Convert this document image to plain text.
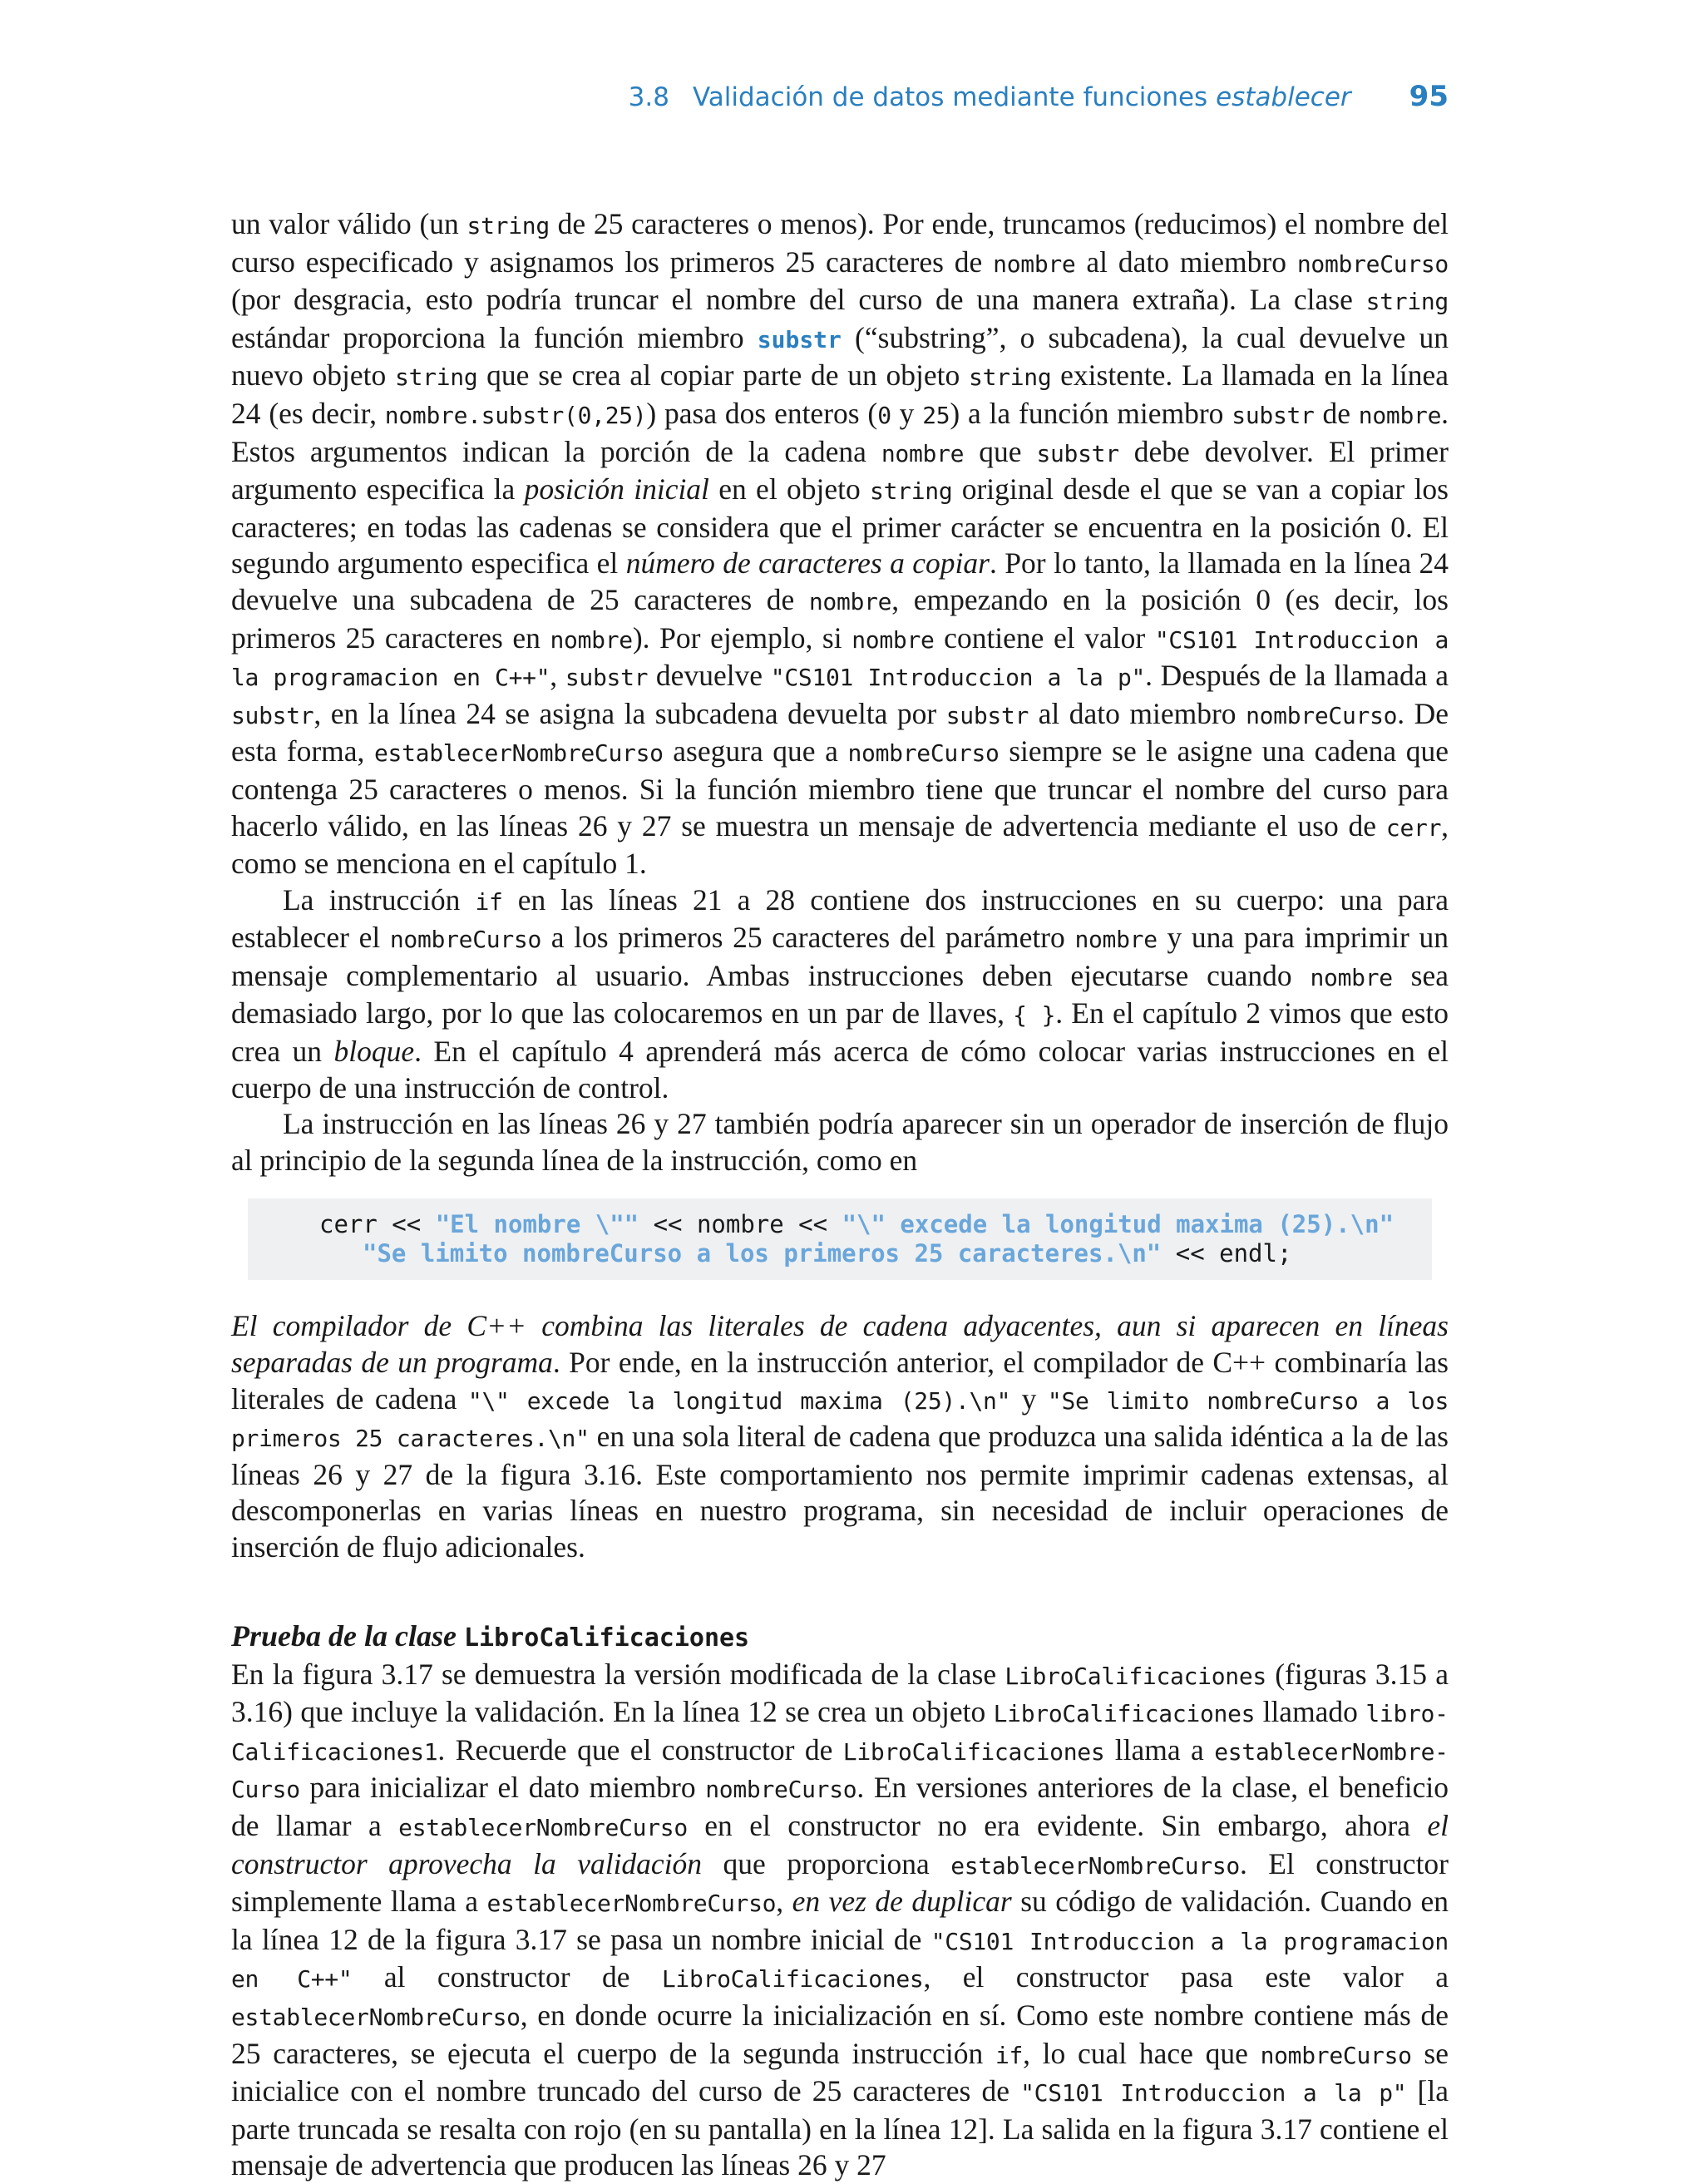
3.8 Validación de datos mediante funciones establecer 95

un valor válido (un string de 25 caracteres o menos). Por ende, truncamos (reducimos) el nombre del curso especificado y asignamos los primeros 25 caracteres de nombre al dato miembro nombreCurso (por desgracia, esto podría truncar el nombre del curso de una manera extraña). La clase string estándar proporciona la función miembro substr (“substring”, o subcadena), la cual devuelve un nuevo objeto string que se crea al copiar parte de un objeto string existente. La llamada en la línea 24 (es decir, nombre.substr(0,25)) pasa dos enteros (0 y 25) a la función miembro substr de nombre. Estos argumentos indican la porción de la cadena nombre que substr debe devolver. El primer argumento especifica la posición inicial en el objeto string original desde el que se van a copiar los caracteres; en todas las cadenas se considera que el primer carácter se encuentra en la posición 0. El segundo argumento especifica el número de caracteres a copiar. Por lo tanto, la llamada en la línea 24 devuelve una subcadena de 25 caracteres de nombre, empezando en la posición 0 (es decir, los primeros 25 caracteres en nombre). Por ejemplo, si nombre contiene el valor "CS101 Introduccion a la programacion en C++", substr devuelve "CS101 Introduccion a la p". Después de la llamada a substr, en la línea 24 se asigna la subcadena devuelta por substr al dato miembro nombreCurso. De esta forma, establecerNombreCurso asegura que a nombreCurso siempre se le asigne una cadena que contenga 25 caracteres o menos. Si la función miembro tiene que truncar el nombre del curso para hacerlo válido, en las líneas 26 y 27 se muestra un mensaje de advertencia mediante el uso de cerr, como se menciona en el capítulo 1.

La instrucción if en las líneas 21 a 28 contiene dos instrucciones en su cuerpo: una para establecer el nombreCurso a los primeros 25 caracteres del parámetro nombre y una para imprimir un mensaje complementario al usuario. Ambas instrucciones deben ejecutarse cuando nombre sea demasiado largo, por lo que las colocaremos en un par de llaves, { }. En el capítulo 2 vimos que esto crea un bloque. En el capítulo 4 aprenderá más acerca de cómo colocar varias instrucciones en el cuerpo de una instrucción de control.

La instrucción en las líneas 26 y 27 también podría aparecer sin un operador de inserción de flujo al principio de la segunda línea de la instrucción, como en

cerr << "El nombre \"" << nombre << "\" excede la longitud maxima (25).\n"
"Se limito nombreCurso a los primeros 25 caracteres.\n" << endl;

El compilador de C++ combina las literales de cadena adyacentes, aun si aparecen en líneas separadas de un programa. Por ende, en la instrucción anterior, el compilador de C++ combinaría las literales de cadena "\" excede la longitud maxima (25).\n" y "Se limito nombreCurso a los primeros 25 caracteres.\n" en una sola literal de cadena que produzca una salida idéntica a la de las líneas 26 y 27 de la figura 3.16. Este comportamiento nos permite imprimir cadenas extensas, al descomponerlas en varias líneas en nuestro programa, sin necesidad de incluir operaciones de inserción de flujo adicionales.

Prueba de la clase LibroCalificaciones

En la figura 3.17 se demuestra la versión modificada de la clase LibroCalificaciones (figuras 3.15 a 3.16) que incluye la validación. En la línea 12 se crea un objeto LibroCalificaciones llamado libroCalificaciones1. Recuerde que el constructor de LibroCalificaciones llama a establecerNombreCurso para inicializar el dato miembro nombreCurso. En versiones anteriores de la clase, el beneficio de llamar a establecerNombreCurso en el constructor no era evidente. Sin embargo, ahora el constructor aprovecha la validación que proporciona establecerNombreCurso. El constructor simplemente llama a establecerNombreCurso, en vez de duplicar su código de validación. Cuando en la línea 12 de la figura 3.17 se pasa un nombre inicial de "CS101 Introduccion a la programacion en C++" al constructor de LibroCalificaciones, el constructor pasa este valor a establecerNombreCurso, en donde ocurre la inicialización en sí. Como este nombre contiene más de 25 caracteres, se ejecuta el cuerpo de la segunda instrucción if, lo cual hace que nombreCurso se inicialice con el nombre truncado del curso de 25 caracteres de "CS101 Introduccion a la p" [la parte truncada se resalta con rojo (en su pantalla) en la línea 12]. La salida en la figura 3.17 contiene el mensaje de advertencia que producen las líneas 26 y 27
